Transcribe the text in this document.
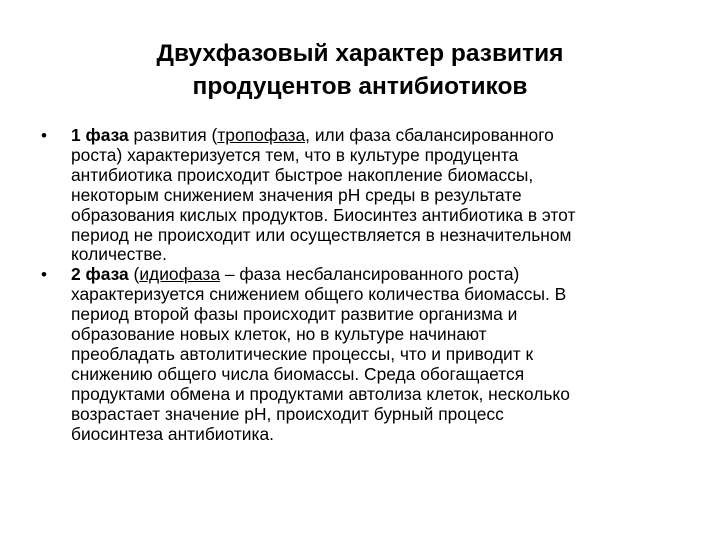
Двухфазовый характер развития
продуцентов антибиотиков
• 1 фаза развития (тропофаза, или фаза сбалансированного
роста) характеризуется тем, что в культуре продуцента
антибиотика происходит быстрое накопление биомассы,
некоторым снижением значения рН среды в результате
образования кислых продуктов. Биосинтез антибиотика в этот
период не происходит или осуществляется в незначительном
количестве.
• 2 фаза (идиофаза – фаза несбалансированного роста)
характеризуется снижением общего количества биомассы. В
период второй фазы происходит развитие организма и
образование новых клеток, но в культуре начинают
преобладать автолитические процессы, что и приводит к
снижению общего числа биомассы. Среда обогащается
продуктами обмена и продуктами автолиза клеток, несколько
возрастает значение рН, происходит бурный процесс
биосинтеза антибиотика.
